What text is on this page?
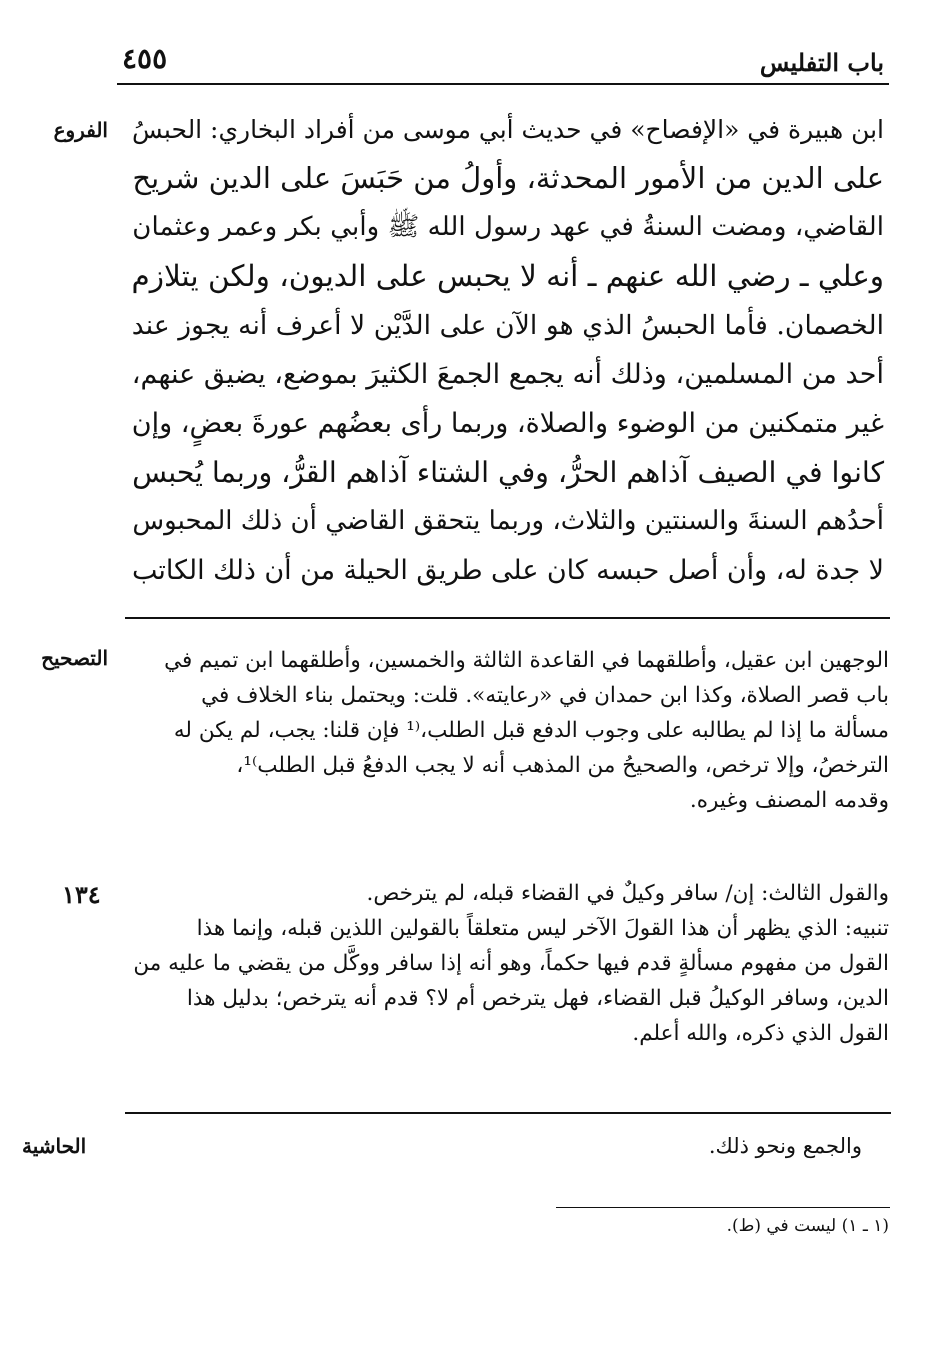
باب التفليس
٤٥٥
الفروع ابن هبيرة في «الإفصاح» في حديث أبي موسى من أفراد البخاري: الحبسُ
على الدين من الأمور المحدثة، وأولُ من حَبَسَ على الدين شريح
القاضي، ومضت السنةُ في عهد رسول الله ﷺ وأبي بكر وعمر وعثمان
وعلي ـ رضي الله عنهم ـ أنه لا يحبس على الديون، ولكن يتلازم
الخصمان. فأما الحبسُ الذي هو الآن على الدَّيْن لا أعرف أنه يجوز عند
أحد من المسلمين، وذلك أنه يجمع الجمعَ الكثيرَ بموضع، يضيق عنهم،
غير متمكنين من الوضوء والصلاة، وربما رأى بعضُهم عورةَ بعضٍ، وإن
كانوا في الصيف آذاهم الحرُّ، وفي الشتاء آذاهم القرُّ، وربما يُحبس
أحدُهم السنةَ والسنتين والثلاث، وربما يتحقق القاضي أن ذلك المحبوس
لا جدة له، وأن أصل حبسه كان على طريق الحيلة من أن ذلك الكاتب
التصحيح	الوجهين ابن عقيل، وأطلقهما في القاعدة الثالثة والخمسين، وأطلقهما ابن تميم في
باب قصر الصلاة، وكذا ابن حمدان في «رعايته». قلت: ويحتمل بناء الخلاف في
مسألة ما إذا لم يطالبه على وجوب الدفع قبل الطلب،⁽¹ فإن قلنا: يجب، لم يكن له
الترخصُ، وإلا ترخص، والصحيحُ من المذهب أنه لا يجب الدفعُ قبل الطلب⁾¹،
وقدمه المصنف وغيره.
١٣٤	والقول الثالث: إن/ سافر وكيلٌ في القضاء قبله، لم يترخص.
تنبيه: الذي يظهر أن هذا القولَ الآخر ليس متعلقاً بالقولين اللذين قبله، وإنما هذا
القول من مفهوم مسألةٍ قدم فيها حكماً، وهو أنه إذا سافر ووكَّل من يقضي ما عليه من
الدين، وسافر الوكيلُ قبل القضاء، فهل يترخص أم لا؟ قدم أنه يترخص؛ بدليل هذا
القول الذي ذكره، والله أعلم.
والجمع ونحو ذلك.
الحاشية
(١ ـ ١) ليست في (ط).
